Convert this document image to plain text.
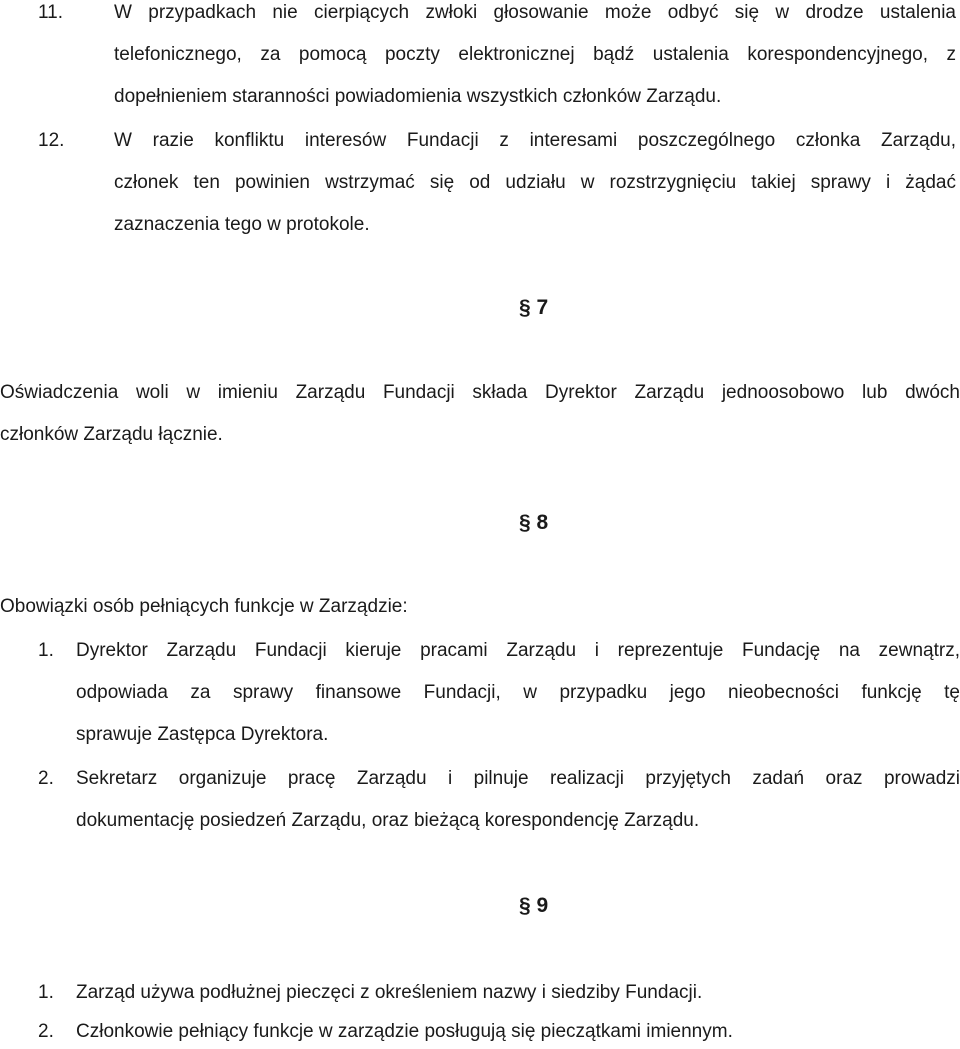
11.	W przypadkach nie cierpiących zwłoki głosowanie może odbyć się w drodze ustalenia
telefonicznego, za pomocą poczty elektronicznej bądź ustalenia korespondencyjnego, z
dopełnieniem staranności powiadomienia wszystkich członków Zarządu.
12.	W razie konfliktu interesów Fundacji z interesami poszczególnego członka Zarządu,
członek ten powinien wstrzymać się od udziału w rozstrzygnięciu takiej sprawy i żądać
zaznaczenia tego w protokole.
§ 7
Oświadczenia woli w imieniu Zarządu Fundacji składa Dyrektor Zarządu jednoosobowo lub dwóch
członków Zarządu łącznie.
§ 8
Obowiązki osób pełniących funkcje w Zarządzie:
1. Dyrektor Zarządu Fundacji kieruje pracami Zarządu i reprezentuje Fundację na zewnątrz,
odpowiada za sprawy finansowe Fundacji, w przypadku jego nieobecności funkcję tę
sprawuje Zastępca Dyrektora.
2. Sekretarz organizuje pracę Zarządu i pilnuje realizacji przyjętych zadań oraz prowadzi
dokumentację posiedzeń Zarządu, oraz bieżącą korespondencję Zarządu.
§ 9
1. Zarząd używa podłużnej pieczęci z określeniem nazwy i siedziby Fundacji.
2. Członkowie pełniący funkcje w zarządzie posługują się pieczątkami imiennym.
